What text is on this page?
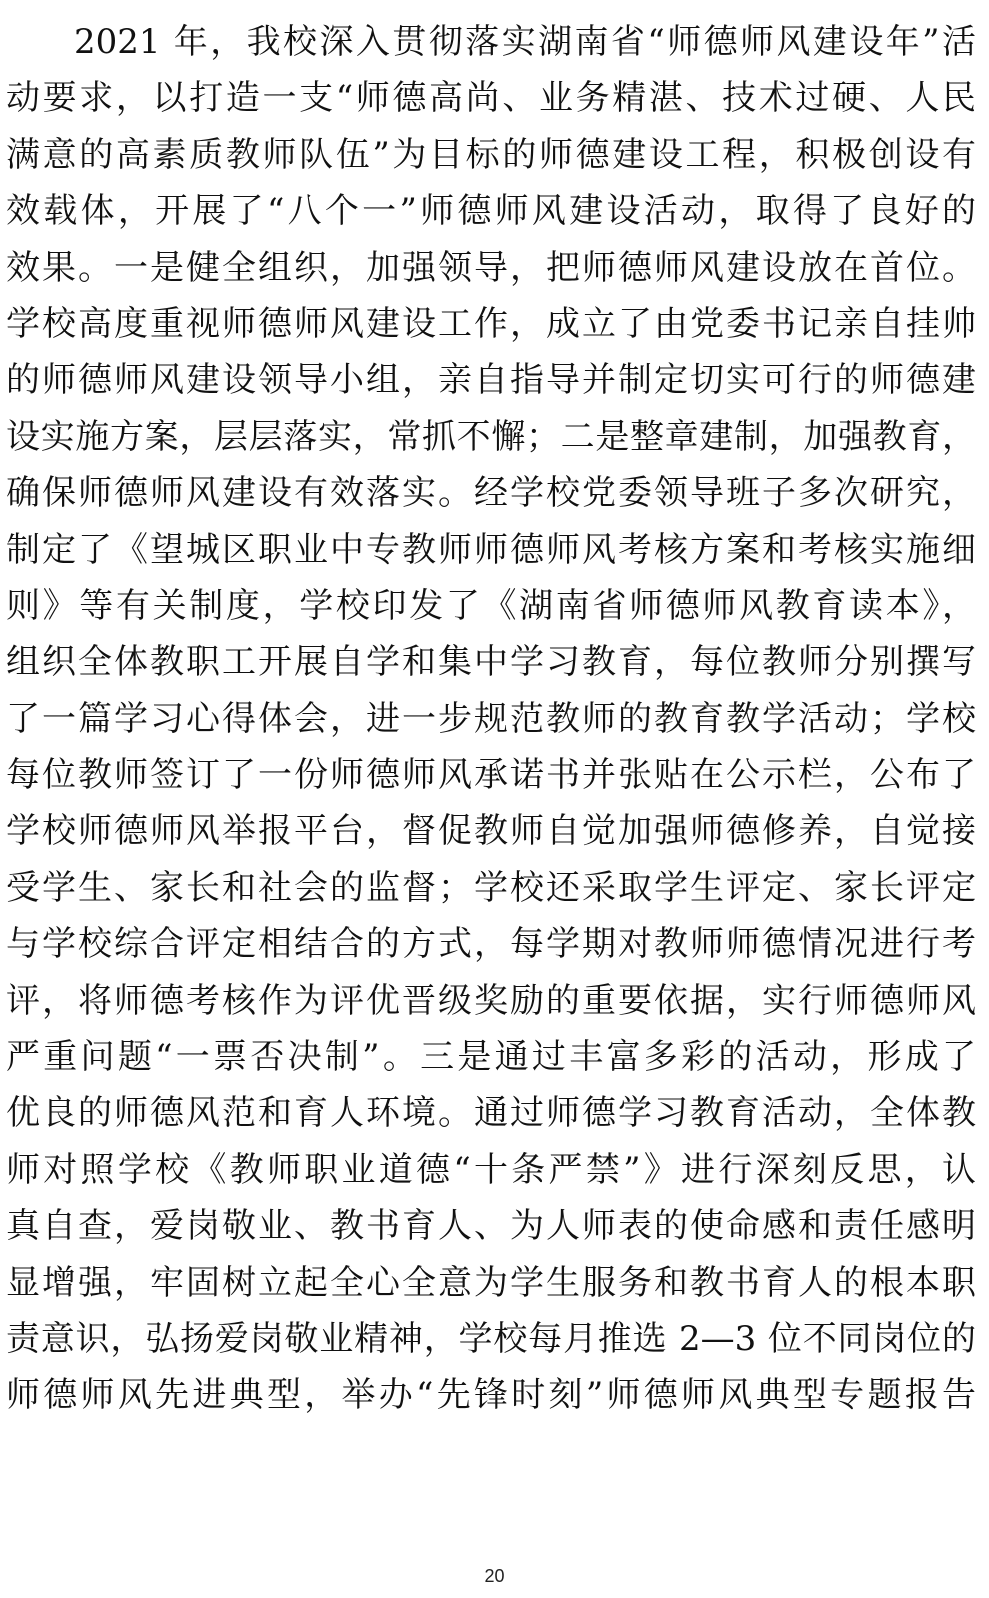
2021 年，我校深入贯彻落实湖南省“师德师风建设年”活
动要求，以打造一支“师德高尚、业务精湛、技术过硬、人民
满意的高素质教师队伍”为目标的师德建设工程，积极创设有
效载体，开展了“八个一”师德师风建设活动，取得了良好的
效果。一是健全组织，加强领导，把师德师风建设放在首位。
学校高度重视师德师风建设工作，成立了由党委书记亲自挂帅
的师德师风建设领导小组，亲自指导并制定切实可行的师德建
设实施方案，层层落实，常抓不懈；二是整章建制，加强教育，
确保师德师风建设有效落实。经学校党委领导班子多次研究，
制定了《望城区职业中专教师师德师风考核方案和考核实施细
则》等有关制度，学校印发了《湖南省师德师风教育读本》，
组织全体教职工开展自学和集中学习教育，每位教师分别撰写
了一篇学习心得体会，进一步规范教师的教育教学活动；学校
每位教师签订了一份师德师风承诺书并张贴在公示栏，公布了
学校师德师风举报平台，督促教师自觉加强师德修养，自觉接
受学生、家长和社会的监督；学校还采取学生评定、家长评定
与学校综合评定相结合的方式，每学期对教师师德情况进行考
评，将师德考核作为评优晋级奖励的重要依据，实行师德师风
严重问题“一票否决制”。三是通过丰富多彩的活动，形成了
优良的师德风范和育人环境。通过师德学习教育活动，全体教
师对照学校《教师职业道德“十条严禁”》进行深刻反思，认
真自查，爱岗敬业、教书育人、为人师表的使命感和责任感明
显增强，牢固树立起全心全意为学生服务和教书育人的根本职
责意识，弘扬爱岗敬业精神，学校每月推选 2—3 位不同岗位的
师德师风先进典型，举办“先锋时刻”师德师风典型专题报告
20
